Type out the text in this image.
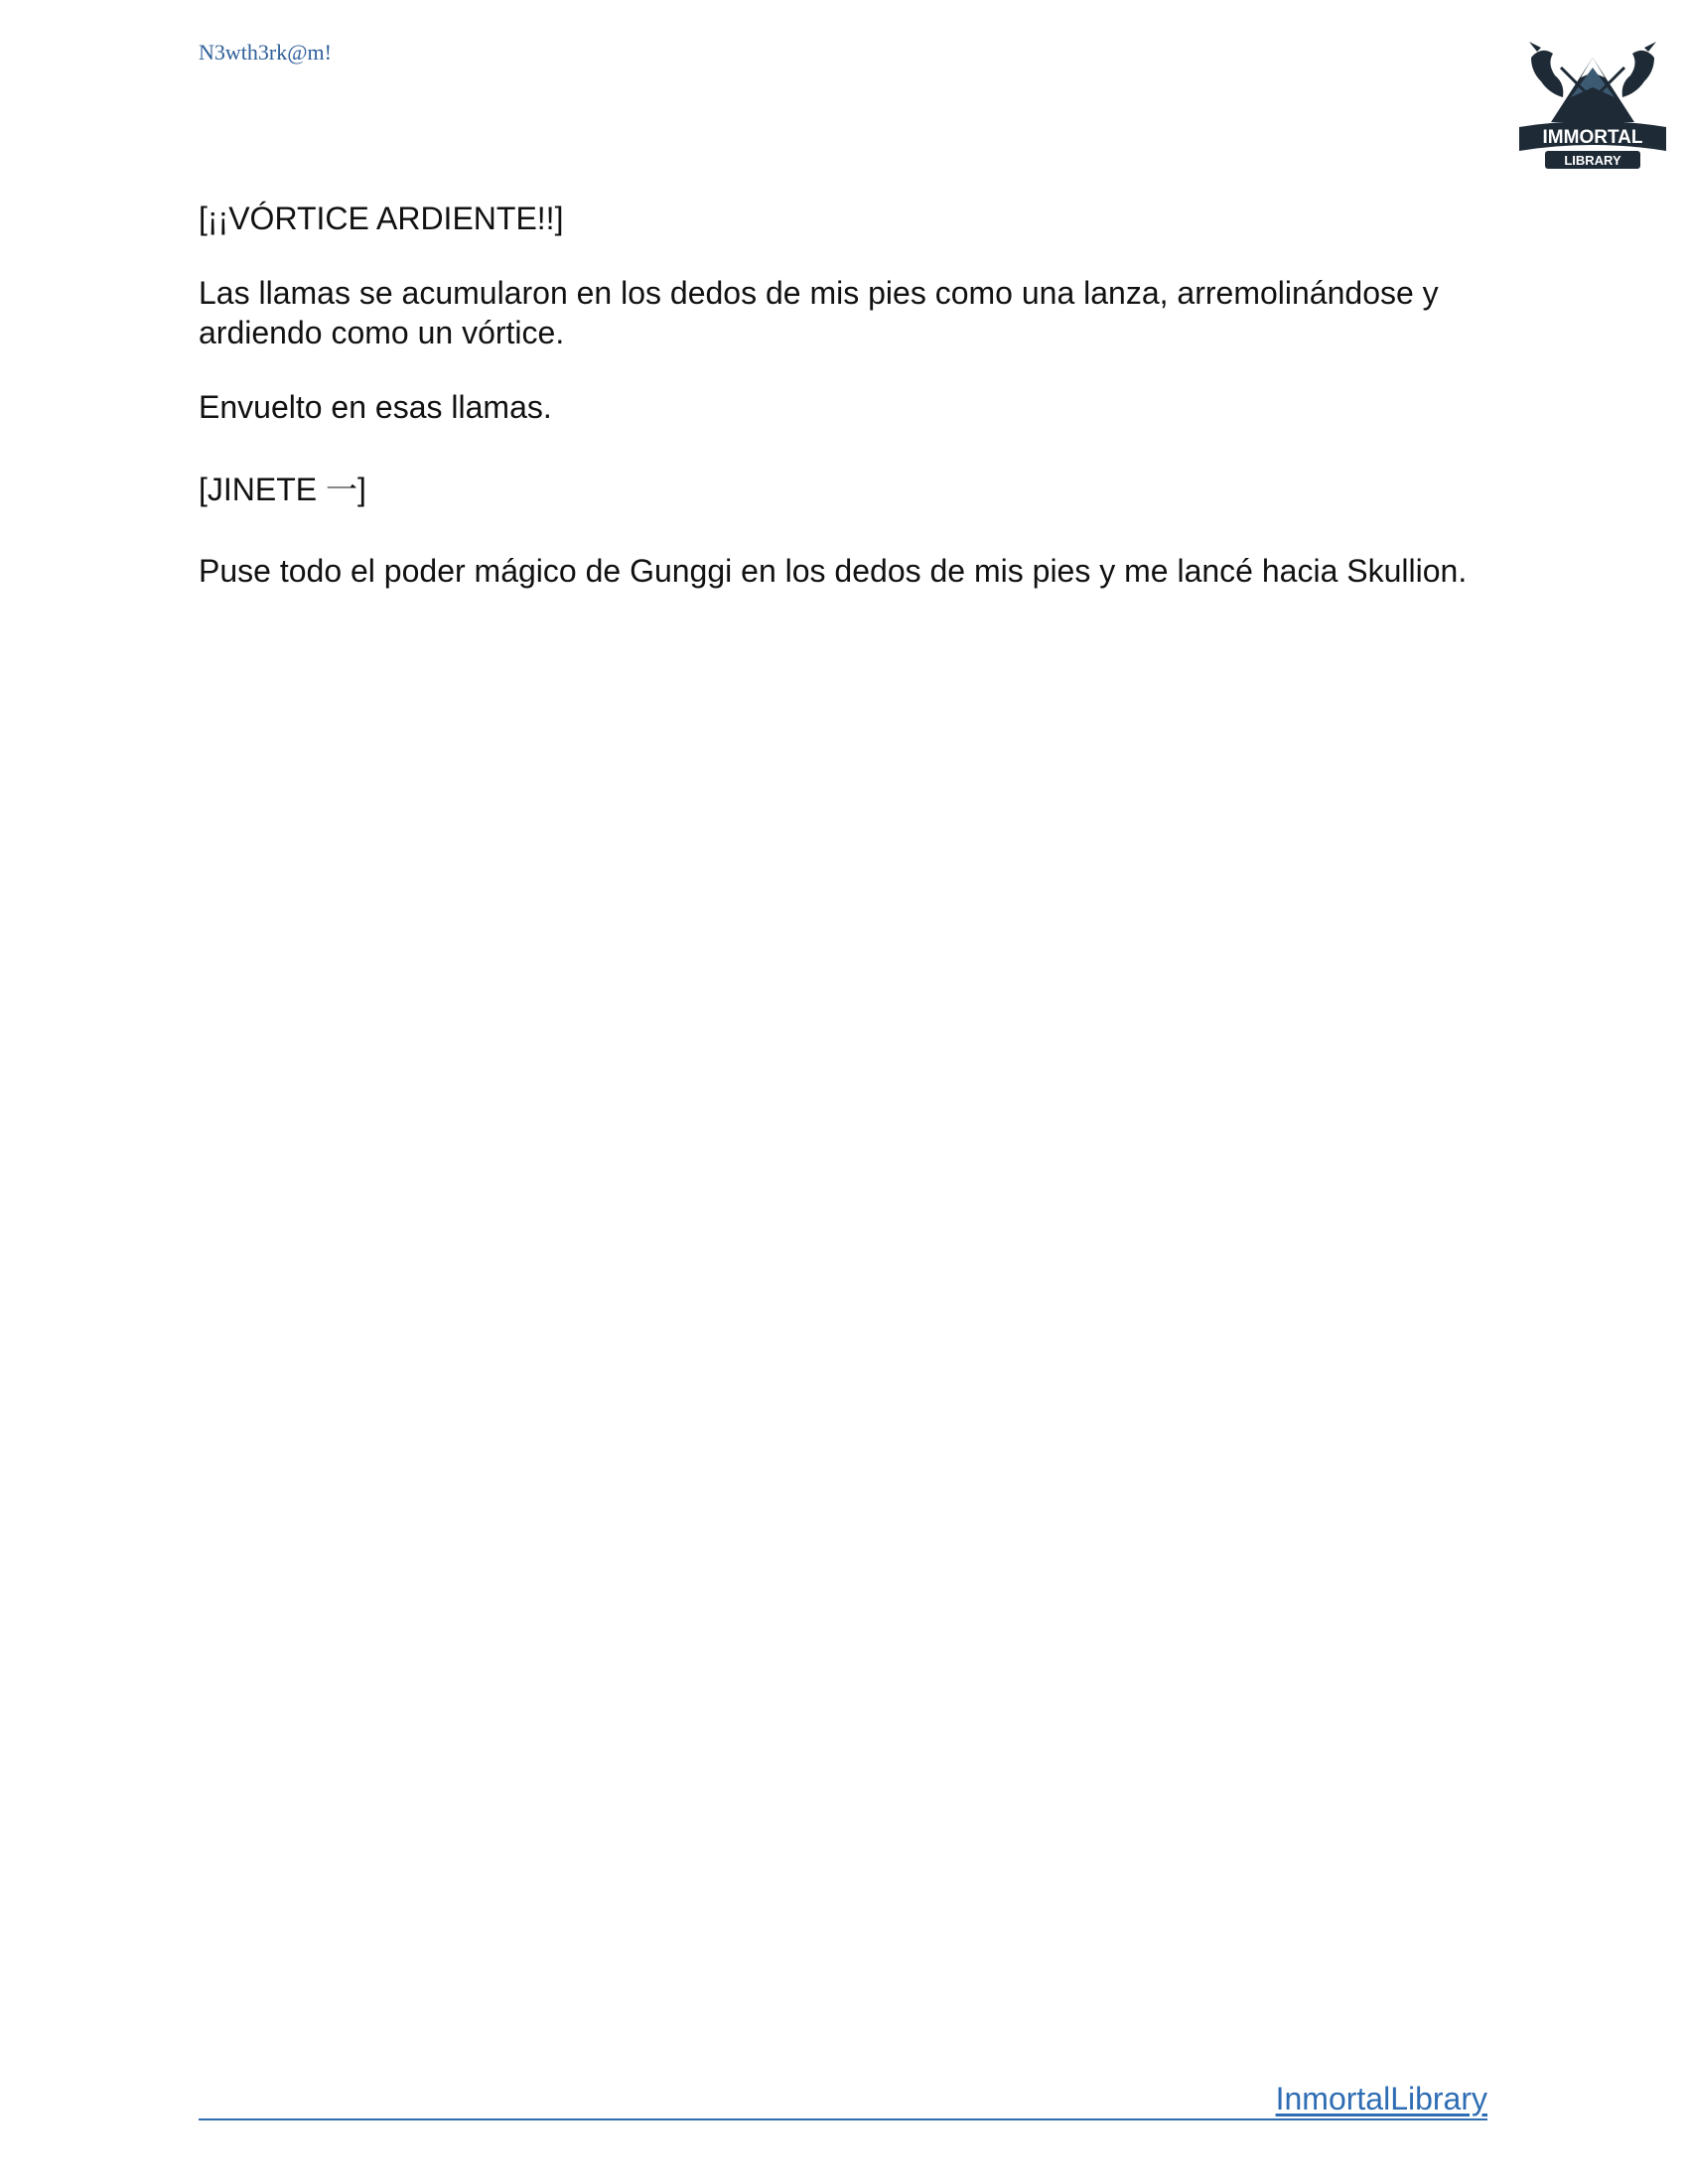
N3wth3rk@m!
IMMORTAL
LIBRARY

[¡¡VÓRTICE ARDIENTE!!]

Las llamas se acumularon en los dedos de mis pies como una lanza, arremolinándose y ardiendo como un vórtice.

Envuelto en esas llamas.

[JINETE 一]

Puse todo el poder mágico de Gunggi en los dedos de mis pies y me lancé hacia Skullion.

InmortalLibrary
